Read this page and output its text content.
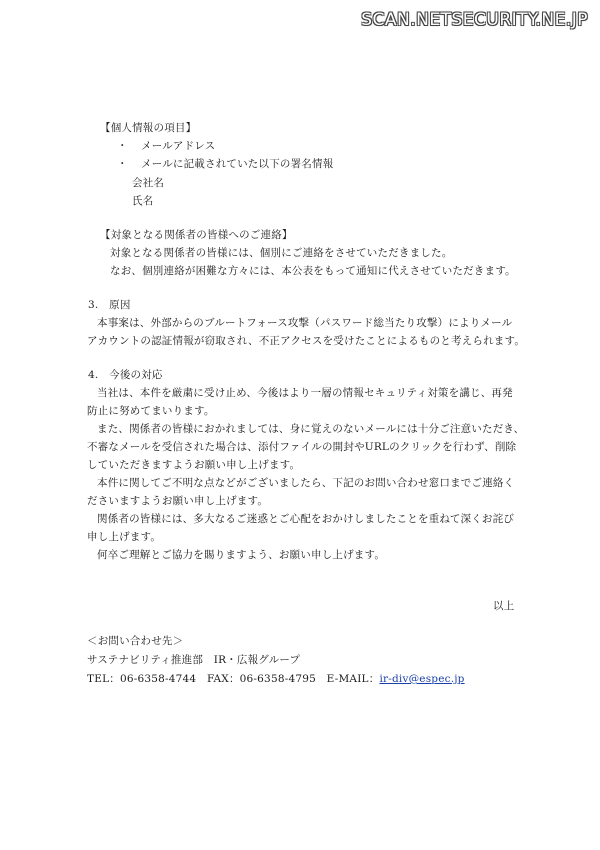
SCAN.NETSECURITY.NE.JP
【個人情報の項目】
・ メールアドレス
・ メールに記載されていた以下の署名情報
会社名
氏名
【対象となる関係者の皆様へのご連絡】
対象となる関係者の皆様には、個別にご連絡をさせていただきました。
なお、個別連絡が困難な方々には、本公表をもって通知に代えさせていただきます。
3.　原因
本事案は、外部からのブルートフォース攻撃（パスワード総当たり攻撃）によりメール
アカウントの認証情報が窃取され、不正アクセスを受けたことによるものと考えられます。
4.　今後の対応
当社は、本件を厳粛に受け止め、今後はより一層の情報セキュリティ対策を講じ、再発
防止に努めてまいります。
また、関係者の皆様におかれましては、身に覚えのないメールには十分ご注意いただき、
不審なメールを受信された場合は、添付ファイルの開封やURLのクリックを行わず、削除
していただきますようお願い申し上げます。
本件に関してご不明な点などがございましたら、下記のお問い合わせ窓口までご連絡く
ださいますようお願い申し上げます。
関係者の皆様には、多大なるご迷惑とご心配をおかけしましたことを重ねて深くお詫び
申し上げます。
何卒ご理解とご協力を賜りますよう、お願い申し上げます。
以上
＜お問い合わせ先＞
サステナビリティ推進部　IR・広報グループ
TEL：06-6358-4744　FAX：06-6358-4795　E-MAIL：ir-div@espec.jp
